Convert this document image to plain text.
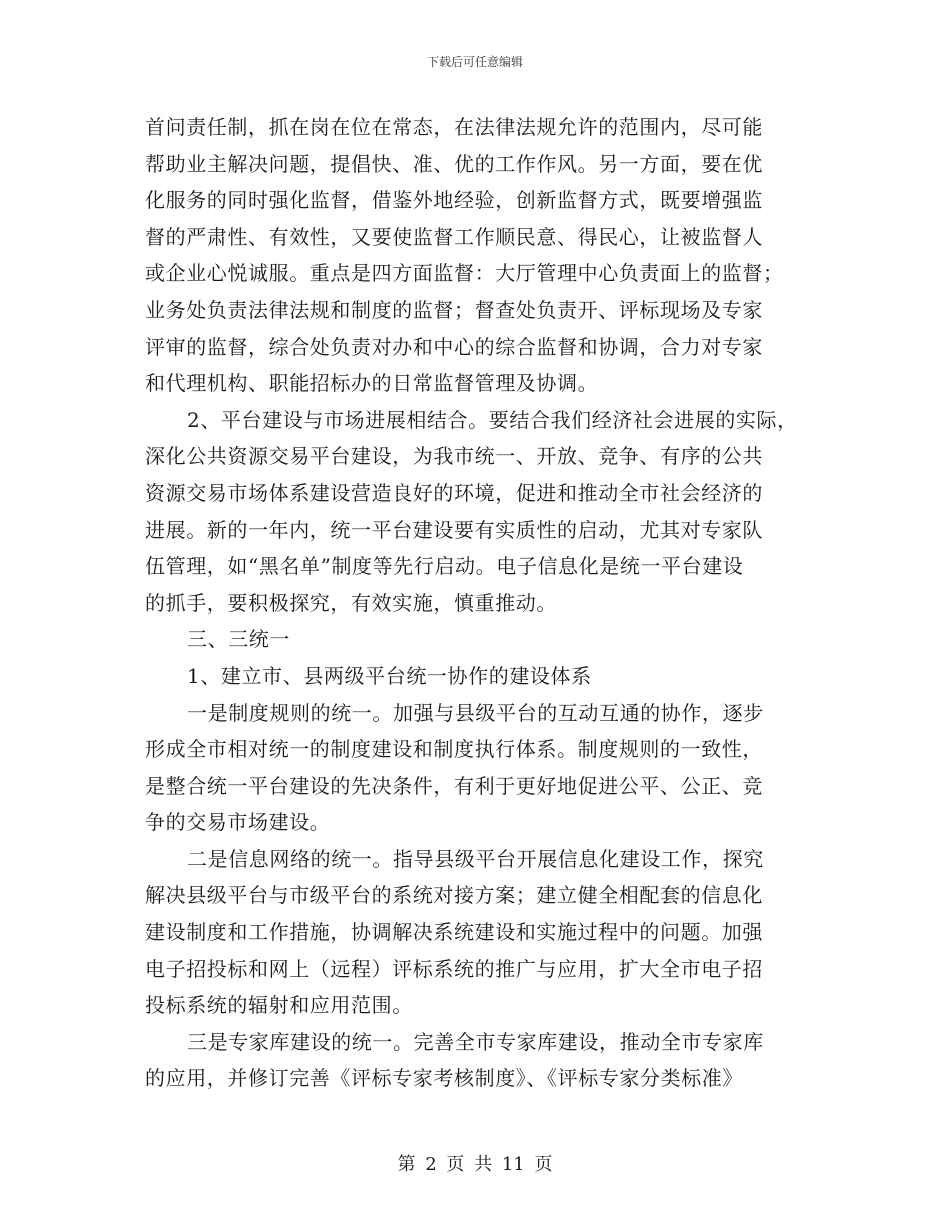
下载后可任意编辑
首问责任制，抓在岗在位在常态，在法律法规允许的范围内，尽可能
帮助业主解决问题，提倡快、准、优的工作作风。另一方面，要在优
化服务的同时强化监督，借鉴外地经验，创新监督方式，既要增强监
督的严肃性、有效性，又要使监督工作顺民意、得民心，让被监督人
或企业心悦诚服。重点是四方面监督：大厅管理中心负责面上的监督；
业务处负责法律法规和制度的监督；督查处负责开、评标现场及专家
评审的监督，综合处负责对办和中心的综合监督和协调，合力对专家
和代理机构、职能招标办的日常监督管理及协调。
2、平台建设与市场进展相结合。要结合我们经济社会进展的实际，
深化公共资源交易平台建设，为我市统一、开放、竞争、有序的公共
资源交易市场体系建设营造良好的环境，促进和推动全市社会经济的
进展。新的一年内，统一平台建设要有实质性的启动，尤其对专家队
伍管理，如“黑名单”制度等先行启动。电子信息化是统一平台建设
的抓手，要积极探究，有效实施，慎重推动。
三、三统一
1、建立市、县两级平台统一协作的建设体系
一是制度规则的统一。加强与县级平台的互动互通的协作，逐步
形成全市相对统一的制度建设和制度执行体系。制度规则的一致性，
是整合统一平台建设的先决条件，有利于更好地促进公平、公正、竞
争的交易市场建设。
二是信息网络的统一。指导县级平台开展信息化建设工作，探究
解决县级平台与市级平台的系统对接方案；建立健全相配套的信息化
建设制度和工作措施，协调解决系统建设和实施过程中的问题。加强
电子招投标和网上（远程）评标系统的推广与应用，扩大全市电子招
投标系统的辐射和应用范围。
三是专家库建设的统一。完善全市专家库建设，推动全市专家库
的应用，并修订完善《评标专家考核制度》、《评标专家分类标准》
第 2 页 共 11 页
